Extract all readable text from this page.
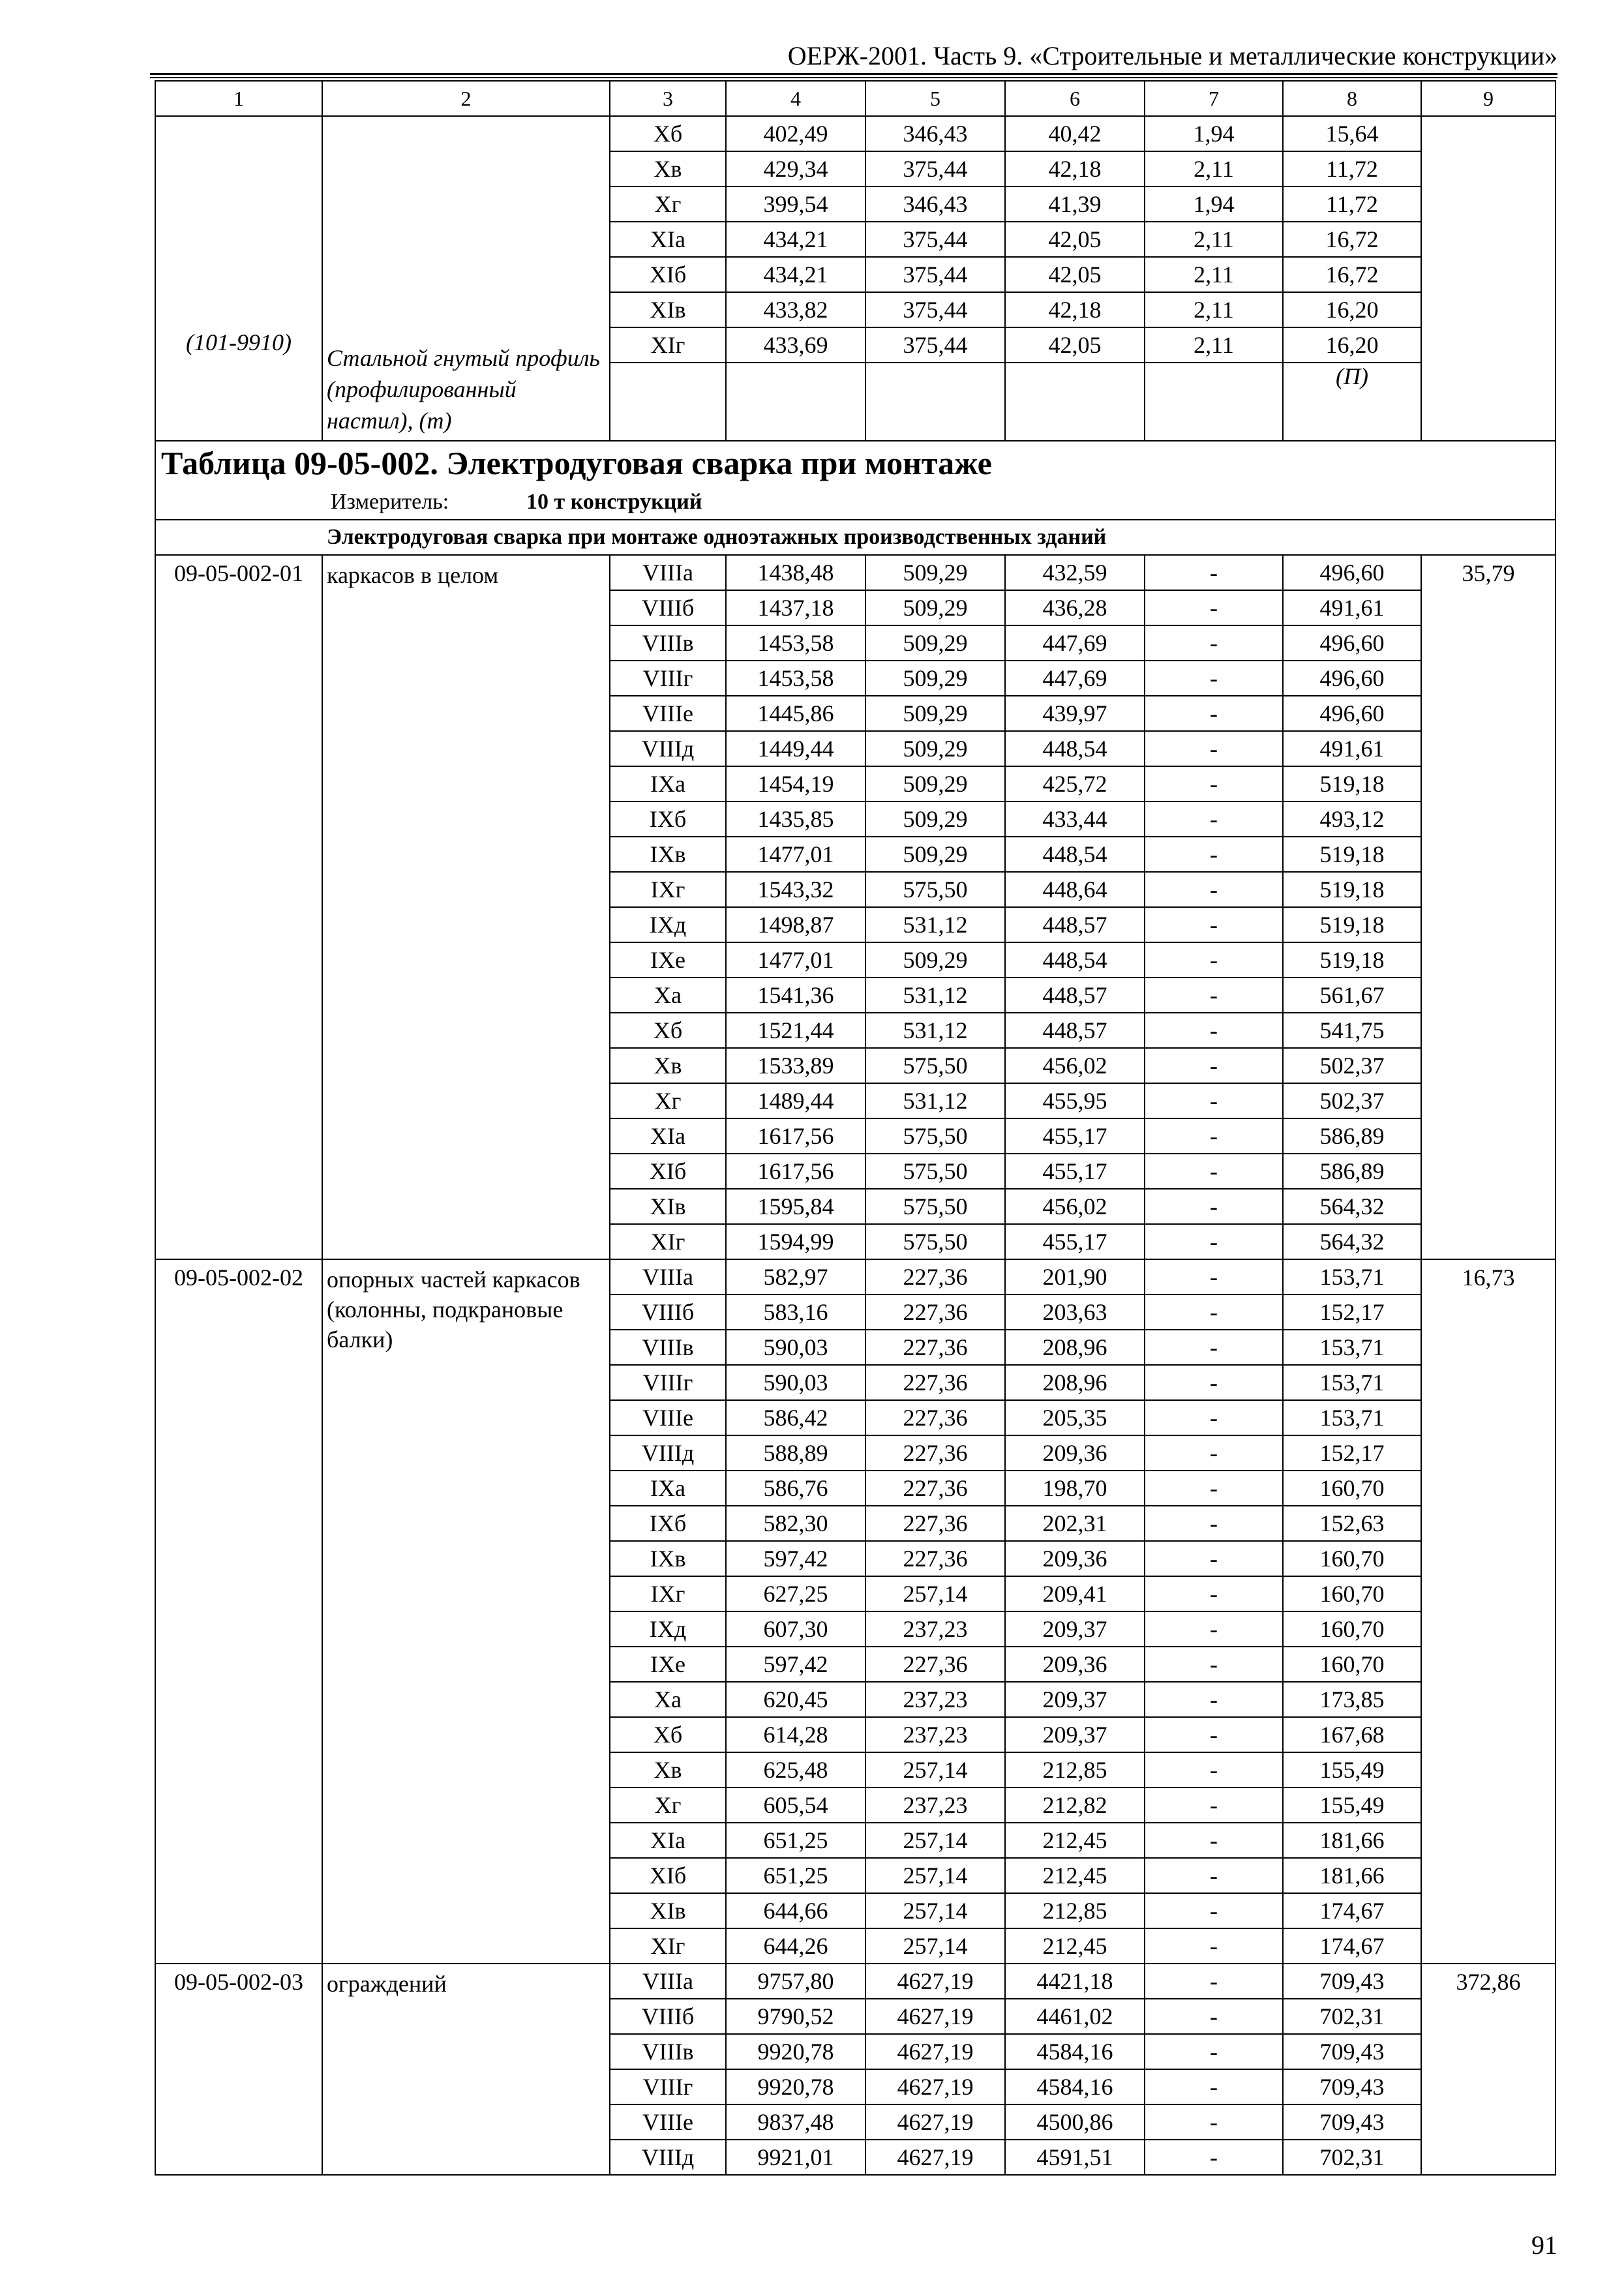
ОЕРЖ-2001. Часть 9. «Строительные и металлические конструкции»
1	2	3	4	5	6	7	8	9
(101-9910)	Стальной гнутый профиль (профилированный настил), (т)	Xб	402,49	346,43	40,42	1,94	15,64	
		Xв	429,34	375,44	42,18	2,11	11,72	
		Xг	399,54	346,43	41,39	1,94	11,72	
		XIа	434,21	375,44	42,05	2,11	16,72	
		XIб	434,21	375,44	42,05	2,11	16,72	
		XIв	433,82	375,44	42,18	2,11	16,20	
		XIг	433,69	375,44	42,05	2,11	16,20	
							(П)	
Таблица 09-05-002. Электродуговая сварка при монтаже								
Измеритель: 10 т конструкций								
Электродуговая сварка при монтаже одноэтажных производственных зданий								
09-05-002-01	каркасов в целом	VIIIа	1438,48	509,29	432,59	-	496,60	35,79
		VIIIб	1437,18	509,29	436,28	-	491,61	
		VIIIв	1453,58	509,29	447,69	-	496,60	
		VIIIг	1453,58	509,29	447,69	-	496,60	
		VIIIе	1445,86	509,29	439,97	-	496,60	
		VIIIд	1449,44	509,29	448,54	-	491,61	
		IXа	1454,19	509,29	425,72	-	519,18	
		IXб	1435,85	509,29	433,44	-	493,12	
		IXв	1477,01	509,29	448,54	-	519,18	
		IXг	1543,32	575,50	448,64	-	519,18	
		IXд	1498,87	531,12	448,57	-	519,18	
		IXе	1477,01	509,29	448,54	-	519,18	
		Xа	1541,36	531,12	448,57	-	561,67	
		Xб	1521,44	531,12	448,57	-	541,75	
		Xв	1533,89	575,50	456,02	-	502,37	
		Xг	1489,44	531,12	455,95	-	502,37	
		XIа	1617,56	575,50	455,17	-	586,89	
		XIб	1617,56	575,50	455,17	-	586,89	
		XIв	1595,84	575,50	456,02	-	564,32	
		XIг	1594,99	575,50	455,17	-	564,32	
09-05-002-02	опорных частей каркасов (колонны, подкрановые балки)	VIIIа	582,97	227,36	201,90	-	153,71	16,73
		VIIIб	583,16	227,36	203,63	-	152,17	
		VIIIв	590,03	227,36	208,96	-	153,71	
		VIIIг	590,03	227,36	208,96	-	153,71	
		VIIIе	586,42	227,36	205,35	-	153,71	
		VIIIд	588,89	227,36	209,36	-	152,17	
		IXа	586,76	227,36	198,70	-	160,70	
		IXб	582,30	227,36	202,31	-	152,63	
		IXв	597,42	227,36	209,36	-	160,70	
		IXг	627,25	257,14	209,41	-	160,70	
		IXд	607,30	237,23	209,37	-	160,70	
		IXе	597,42	227,36	209,36	-	160,70	
		Xа	620,45	237,23	209,37	-	173,85	
		Xб	614,28	237,23	209,37	-	167,68	
		Xв	625,48	257,14	212,85	-	155,49	
		Xг	605,54	237,23	212,82	-	155,49	
		XIа	651,25	257,14	212,45	-	181,66	
		XIб	651,25	257,14	212,45	-	181,66	
		XIв	644,66	257,14	212,85	-	174,67	
		XIг	644,26	257,14	212,45	-	174,67	
09-05-002-03	ограждений	VIIIа	9757,80	4627,19	4421,18	-	709,43	372,86
		VIIIб	9790,52	4627,19	4461,02	-	702,31	
		VIIIв	9920,78	4627,19	4584,16	-	709,43	
		VIIIг	9920,78	4627,19	4584,16	-	709,43	
		VIIIе	9837,48	4627,19	4500,86	-	709,43	
		VIIIд	9921,01	4627,19	4591,51	-	702,31	
91
